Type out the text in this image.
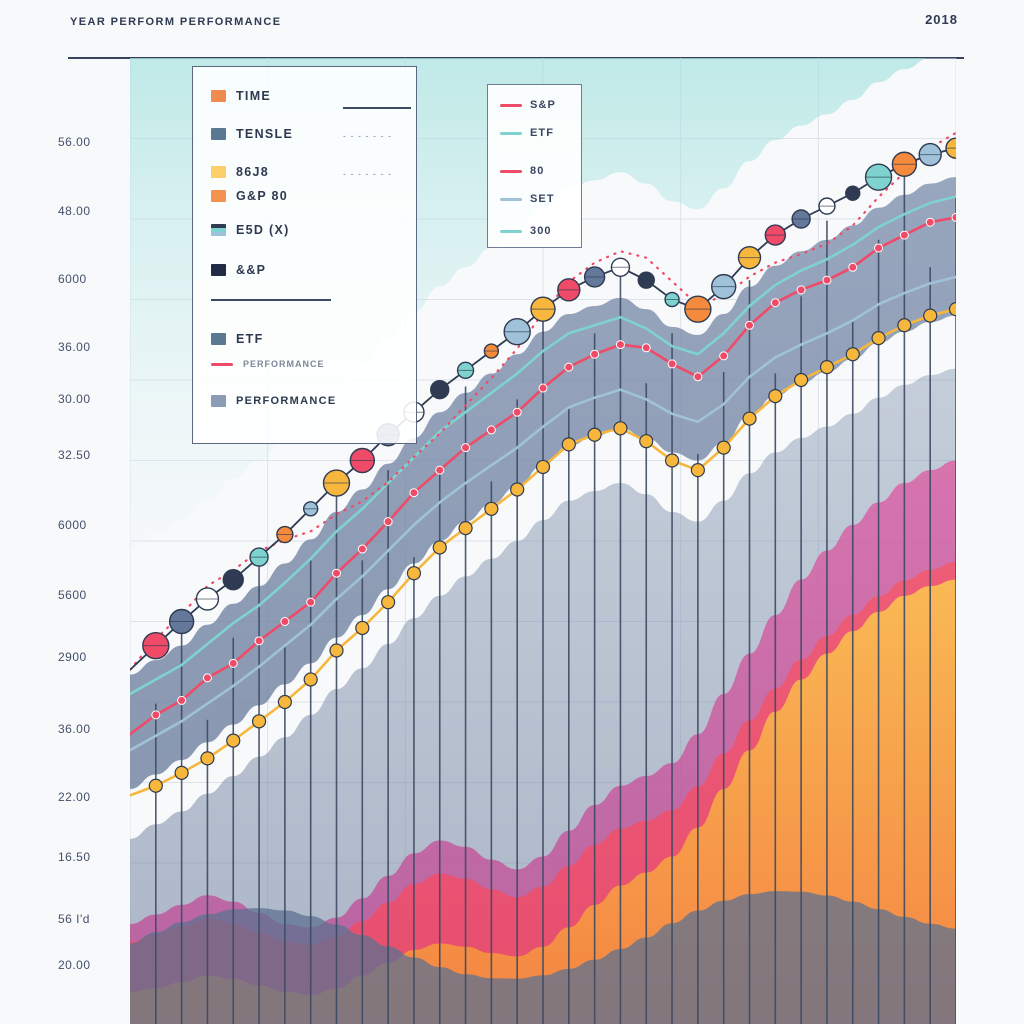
YEAR PERFORM PERFORMANCE	2018
56.00
48.00
6000
36.00
30.00
32.50
6000
5600
2900
36.00
22.00
16.50
56 I'd
20.00
TIME
TENSLE	- - - - - - -
86J8	- - - - - - -
G&P 80
E5D (X)
&&P
ETF
PERFORMANCE
PERFORMANCE
S&P
ETF
80
SET
300
